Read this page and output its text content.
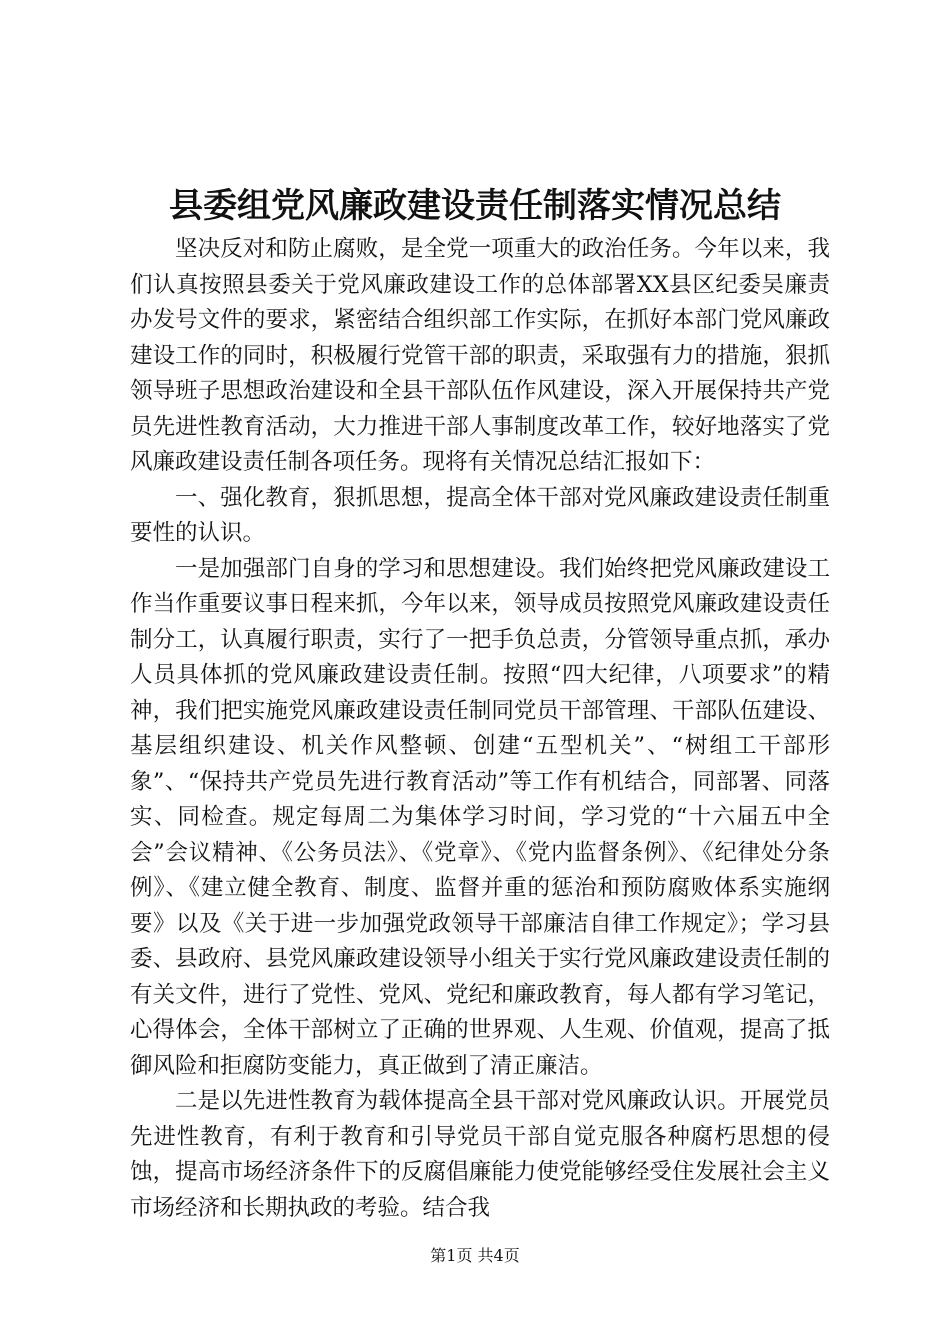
县委组党风廉政建设责任制落实情况总结

坚决反对和防止腐败，是全党一项重大的政治任务。今年以来，我们认真按照县委关于党风廉政建设工作的总体部署XX县区纪委吴廉责办发号文件的要求，紧密结合组织部工作实际，在抓好本部门党风廉政建设工作的同时，积极履行党管干部的职责，采取强有力的措施，狠抓领导班子思想政治建设和全县干部队伍作风建设，深入开展保持共产党员先进性教育活动，大力推进干部人事制度改革工作，较好地落实了党风廉政建设责任制各项任务。现将有关情况总结汇报如下：

一、强化教育，狠抓思想，提高全体干部对党风廉政建设责任制重要性的认识。

一是加强部门自身的学习和思想建设。我们始终把党风廉政建设工作当作重要议事日程来抓，今年以来，领导成员按照党风廉政建设责任制分工，认真履行职责，实行了一把手负总责，分管领导重点抓，承办人员具体抓的党风廉政建设责任制。按照“四大纪律，八项要求”的精神，我们把实施党风廉政建设责任制同党员干部管理、干部队伍建设、基层组织建设、机关作风整顿、创建“五型机关”、“树组工干部形象”、“保持共产党员先进行教育活动”等工作有机结合，同部署、同落实、同检查。规定每周二为集体学习时间，学习党的“十六届五中全会”会议精神、《公务员法》、《党章》、《党内监督条例》、《纪律处分条例》、《建立健全教育、制度、监督并重的惩治和预防腐败体系实施纲要》以及《关于进一步加强党政领导干部廉洁自律工作规定》；学习县委、县政府、县党风廉政建设领导小组关于实行党风廉政建设责任制的有关文件，进行了党性、党风、党纪和廉政教育，每人都有学习笔记，心得体会，全体干部树立了正确的世界观、人生观、价值观，提高了抵御风险和拒腐防变能力，真正做到了清正廉洁。

二是以先进性教育为载体提高全县干部对党风廉政认识。开展党员先进性教育，有利于教育和引导党员干部自觉克服各种腐朽思想的侵蚀，提高市场经济条件下的反腐倡廉能力使党能够经受住发展社会主义市场经济和长期执政的考验。结合我

第1页 共4页
